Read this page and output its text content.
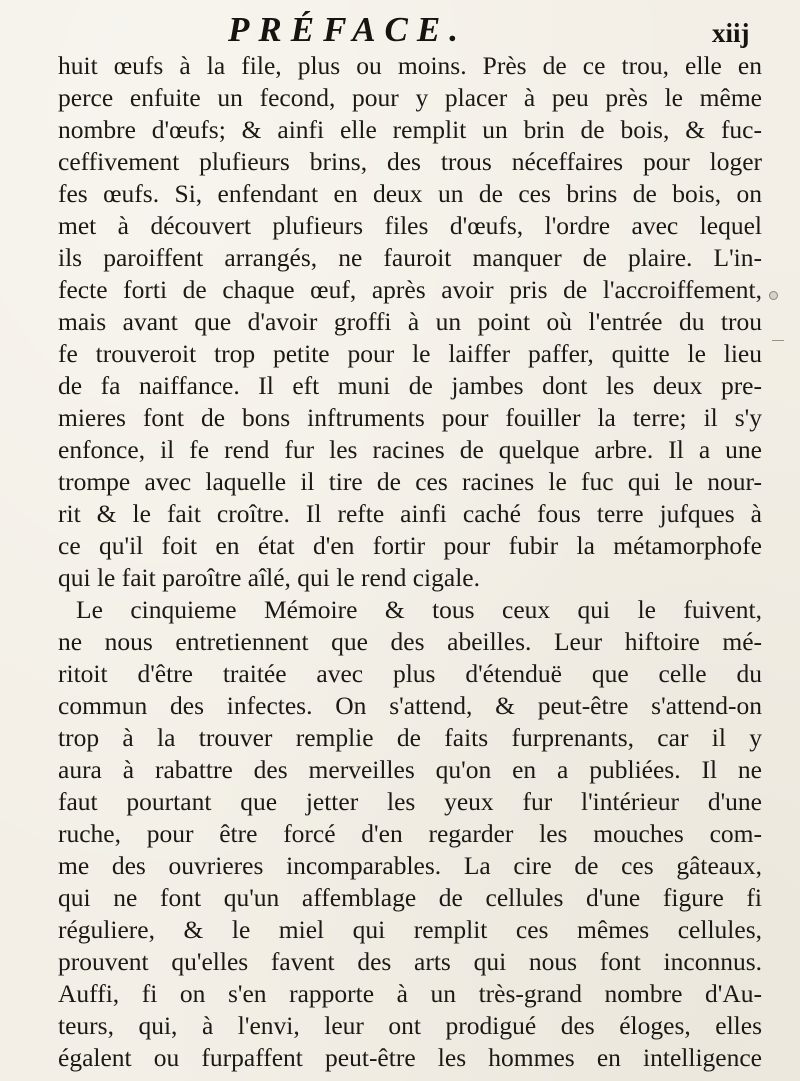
PRÉFACE.	xiij
huit œufs à la file, plus ou moins. Près de ce trou, elle en
perce enfuite un fecond, pour y placer à peu près le même
nombre d'œufs; & ainfi elle remplit un brin de bois, & fuc-
ceffivement plufieurs brins, des trous néceffaires pour loger
fes œufs. Si, enfendant en deux un de ces brins de bois, on
met à découvert plufieurs files d'œufs, l'ordre avec lequel
ils paroiffent arrangés, ne fauroit manquer de plaire. L'in-
fecte forti de chaque œuf, après avoir pris de l'accroiffement,
mais avant que d'avoir groffi à un point où l'entrée du trou
fe trouveroit trop petite pour le laiffer paffer, quitte le lieu
de fa naiffance. Il eft muni de jambes dont les deux pre-
mieres font de bons inftruments pour fouiller la terre; il s'y
enfonce, il fe rend fur les racines de quelque arbre. Il a une
trompe avec laquelle il tire de ces racines le fuc qui le nour-
rit & le fait croître. Il refte ainfi caché fous terre jufques à
ce qu'il foit en état d'en fortir pour fubir la métamorphofe
qui le fait paroître aîlé, qui le rend cigale.
Le cinquieme Mémoire & tous ceux qui le fuivent,
ne nous entretiennent que des abeilles. Leur hiftoire mé-
ritoit d'être traitée avec plus d'étenduë que celle du
commun des infectes. On s'attend, & peut-être s'attend-on
trop à la trouver remplie de faits furprenants, car il y
aura à rabattre des merveilles qu'on en a publiées. Il ne
faut pourtant que jetter les yeux fur l'intérieur d'une
ruche, pour être forcé d'en regarder les mouches com-
me des ouvrieres incomparables. La cire de ces gâteaux,
qui ne font qu'un affemblage de cellules d'une figure fi
réguliere, & le miel qui remplit ces mêmes cellules,
prouvent qu'elles favent des arts qui nous font inconnus.
Auffi, fi on s'en rapporte à un très-grand nombre d'Au-
teurs, qui, à l'envi, leur ont prodigué des éloges, elles
égalent ou furpaffent peut-être les hommes en intelligence
